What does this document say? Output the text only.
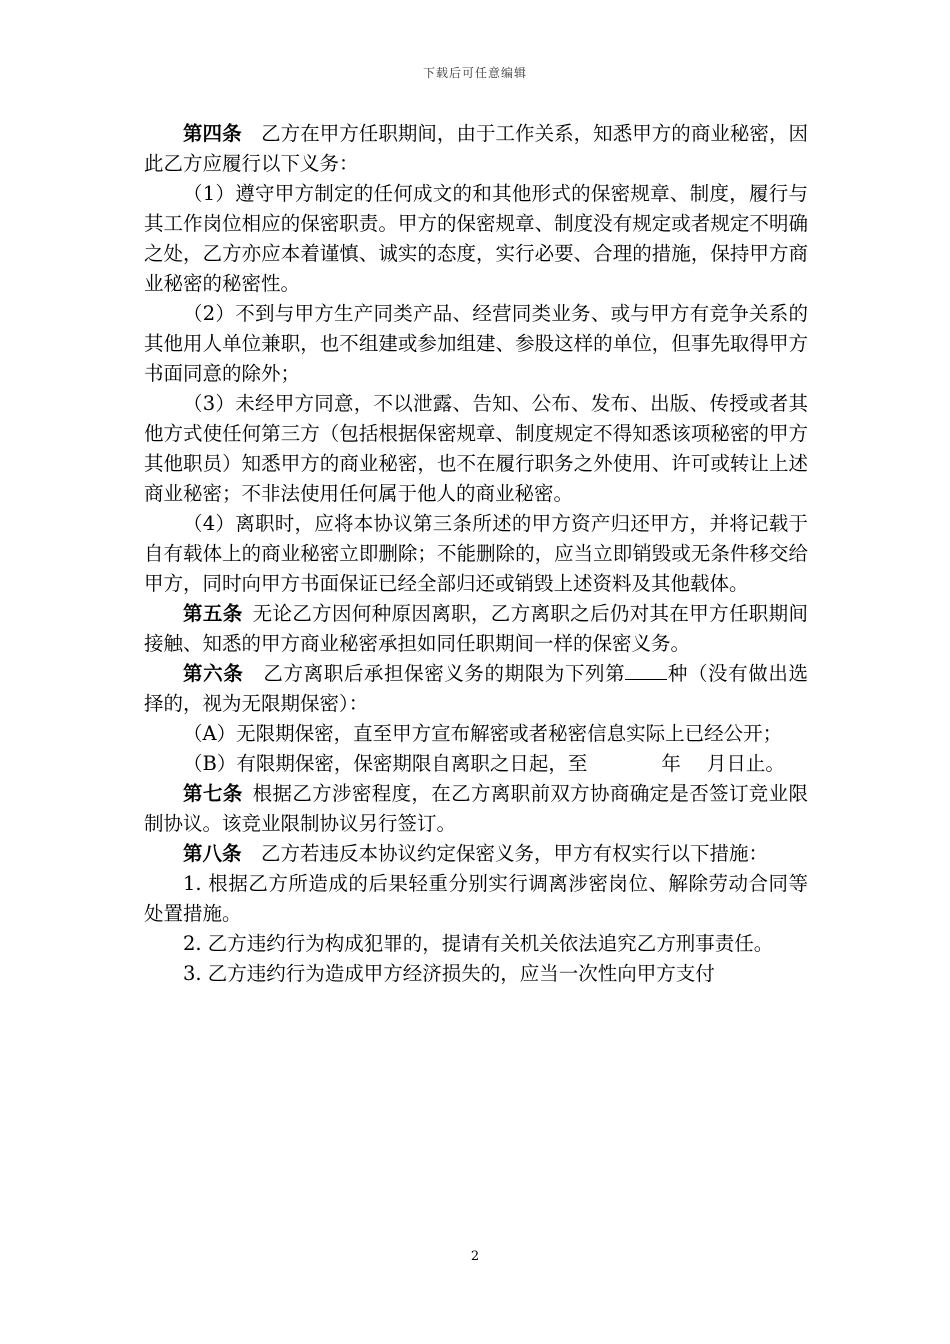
下载后可任意编辑

第四条  乙方在甲方任职期间，由于工作关系，知悉甲方的商业秘密，因此乙方应履行以下义务：

（1）遵守甲方制定的任何成文的和其他形式的保密规章、制度，履行与其工作岗位相应的保密职责。甲方的保密规章、制度没有规定或者规定不明确之处，乙方亦应本着谨慎、诚实的态度，实行必要、合理的措施，保持甲方商业秘密的秘密性。

（2）不到与甲方生产同类产品、经营同类业务、或与甲方有竞争关系的其他用人单位兼职，也不组建或参加组建、参股这样的单位，但事先取得甲方书面同意的除外；

（3）未经甲方同意，不以泄露、告知、公布、发布、出版、传授或者其他方式使任何第三方（包括根据保密规章、制度规定不得知悉该项秘密的甲方其他职员）知悉甲方的商业秘密，也不在履行职务之外使用、许可或转让上述商业秘密；不非法使用任何属于他人的商业秘密。

（4）离职时，应将本协议第三条所述的甲方资产归还甲方，并将记载于自有载体上的商业秘密立即删除；不能删除的，应当立即销毁或无条件移交给甲方，同时向甲方书面保证已经全部归还或销毁上述资料及其他载体。

第五条  无论乙方因何种原因离职，乙方离职之后仍对其在甲方任职期间接触、知悉的甲方商业秘密承担如同任职期间一样的保密义务。

第六条  乙方离职后承担保密义务的期限为下列第 种（没有做出选择的，视为无限期保密）：

（A）无限期保密，直至甲方宣布解密或者秘密信息实际上已经公开；

（B）有限期保密，保密期限自离职之日起，至	年 月日止。

第七条  根据乙方涉密程度，在乙方离职前双方协商确定是否签订竞业限制协议。该竞业限制协议另行签订。

第八条  乙方若违反本协议约定保密义务，甲方有权实行以下措施：

1. 根据乙方所造成的后果轻重分别实行调离涉密岗位、解除劳动合同等处置措施。

2. 乙方违约行为构成犯罪的，提请有关机关依法追究乙方刑事责任。

3. 乙方违约行为造成甲方经济损失的，应当一次性向甲方支付

2
